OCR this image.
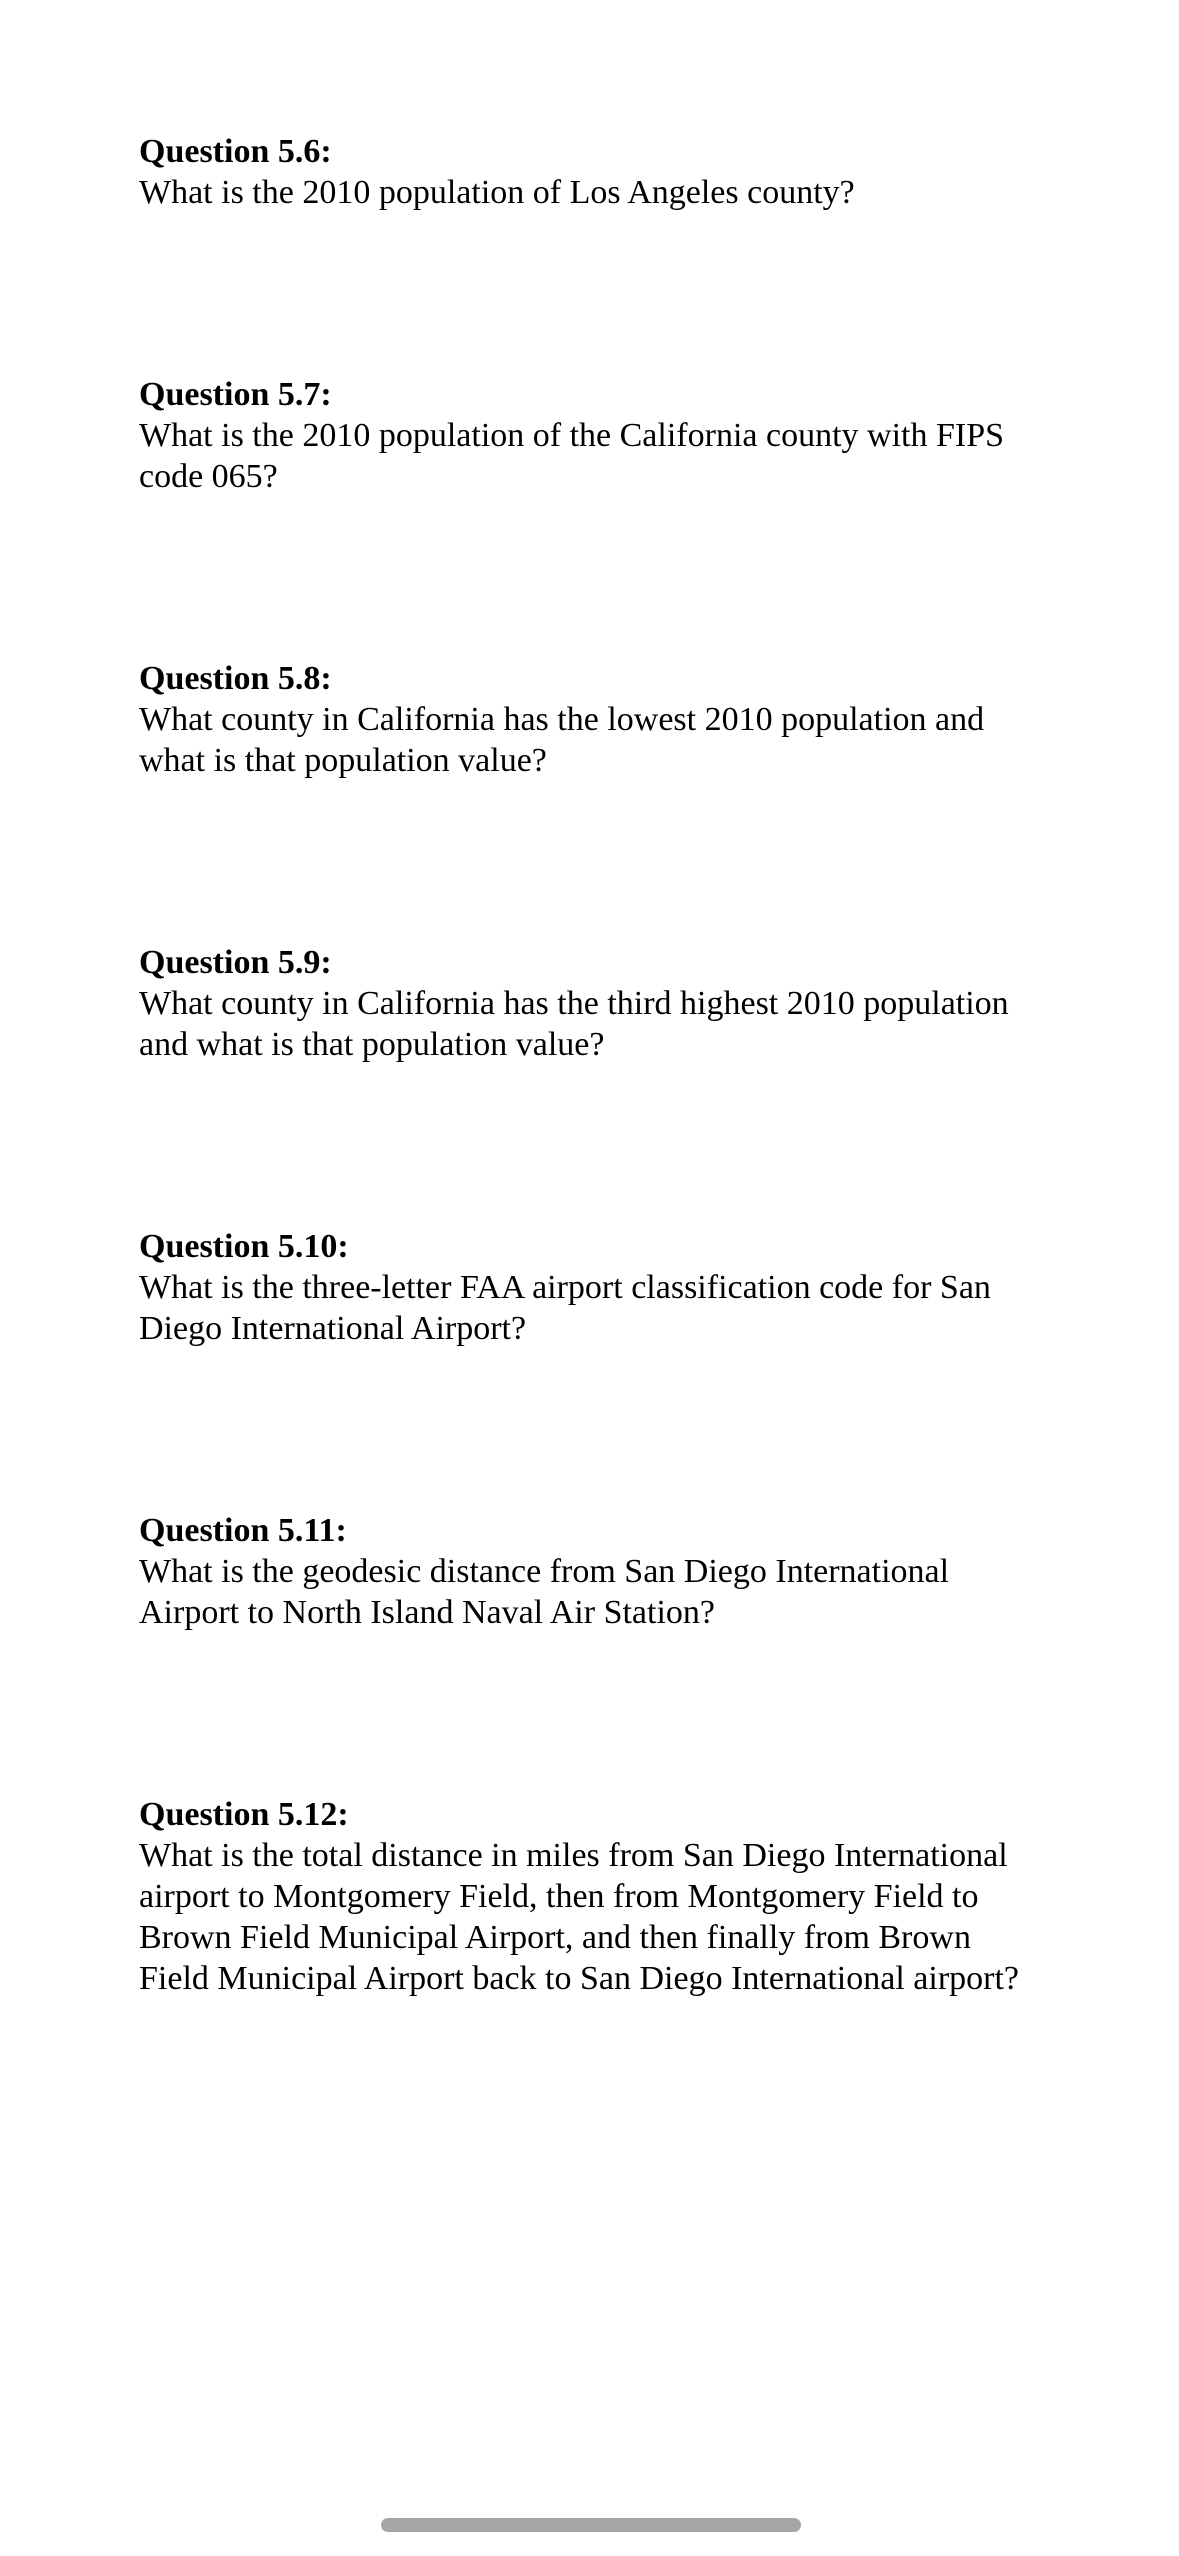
Question 5.6:

What is the 2010 population of Los Angeles county?

Question 5.7:

What is the 2010 population of the California county with FIPS code 065?

Question 5.8:

What county in California has the lowest 2010 population and what is that population value?

Question 5.9:

What county in California has the third highest 2010 population and what is that population value?

Question 5.10:

What is the three-letter FAA airport classification code for San Diego International Airport?

Question 5.11:

What is the geodesic distance from San Diego International Airport to North Island Naval Air Station?

Question 5.12:

What is the total distance in miles from San Diego International airport to Montgomery Field, then from Montgomery Field to Brown Field Municipal Airport, and then finally from Brown Field Municipal Airport back to San Diego International airport?
